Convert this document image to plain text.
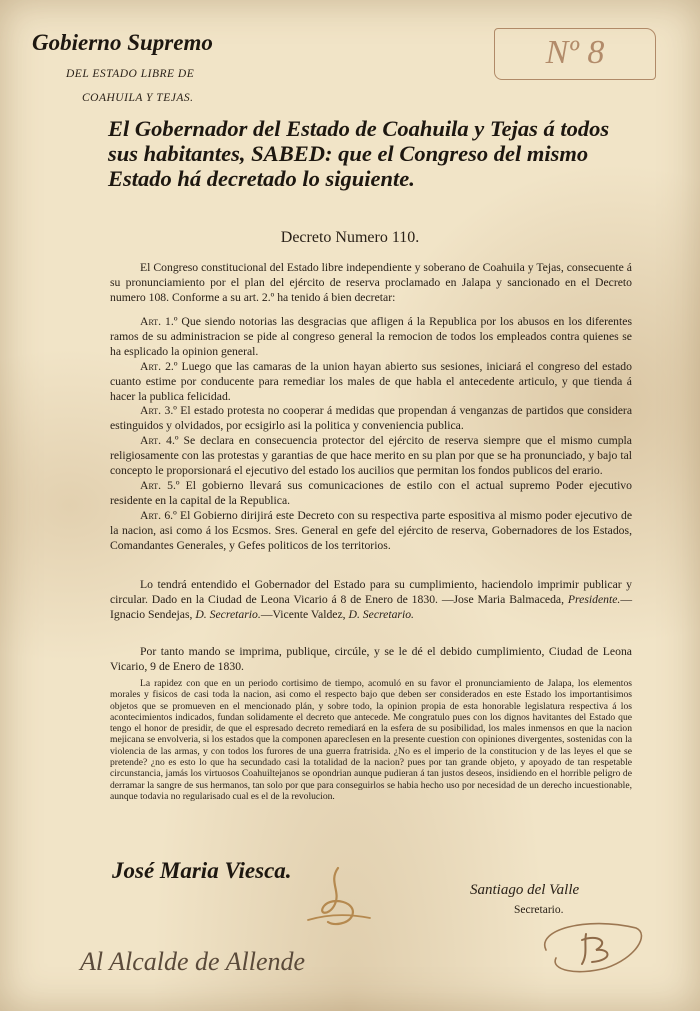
Gobierno Supremo
DEL ESTADO LIBRE DE
COAHUILA Y TEJAS.
Nº 8
El Gobernador del Estado de Coahuila y Tejas á todos sus habitantes, SABED: que el Congreso del mismo Estado há decretado lo siguiente.
Decreto Numero 110.
El Congreso constitucional del Estado libre independiente y soberano de Coahuila y Tejas, consecuente á su pronunciamiento por el plan del ejército de reserva proclamado en Jalapa y sancionado en el Decreto numero 108. Conforme a su art. 2.º ha tenido á bien decretar:

Art. 1.º Que siendo notorias las desgracias que afligen á la Republica por los abusos en los diferentes ramos de su administracion se pide al congreso general la remocion de todos los empleados contra quienes se ha esplicado la opinion general.

Art. 2.º Luego que las camaras de la union hayan abierto sus sesiones, iniciará el congreso del estado cuanto estime por conducente para remediar los males de que habla el antecedente articulo, y que tienda á hacer la publica felicidad.

Art. 3.º El estado protesta no cooperar á medidas que propendan á venganzas de partidos que considera estinguidos y olvidados, por ecsigirlo asi la politica y conveniencia publica.

Art. 4.º Se declara en consecuencia protector del ejército de reserva siempre que el mismo cumpla religiosamente con las protestas y garantias de que hace merito en su plan por que se ha pronunciado, y bajo tal concepto le proporsionará el ejecutivo del estado los aucilios que permitan los fondos publicos del erario.

Art. 5.º El gobierno llevará sus comunicaciones de estilo con el actual supremo Poder ejecutivo residente en la capital de la Republica.

Art. 6.º El Gobierno dirijirá este Decreto con su respectiva parte espositiva al mismo poder ejecutivo de la nacion, asi como á los Ecsmos. Sres. General en gefe del ejército de reserva, Gobernadores de los Estados, Comandantes Generales, y Gefes politicos de los territorios.

Lo tendrá entendido el Gobernador del Estado para su cumplimiento, haciendolo imprimir publicar y circular. Dado en la Ciudad de Leona Vicario á 8 de Enero de 1830. —Jose Maria Balmaceda, Presidente.—Ignacio Sendejas, D. Secretario.—Vicente Valdez, D. Secretario.
Por tanto mando se imprima, publique, circúle, y se le dé el debido cumplimiento, Ciudad de Leona Vicario, 9 de Enero de 1830.
La rapidez con que en un periodo cortisimo de tiempo, acomuló en su favor el pronunciamiento de Jalapa, los elementos morales y fisicos de casi toda la nacion, asi como el respecto bajo que deben ser considerados en este Estado los importantisimos objetos que se promueven en el mencionado plán, y sobre todo, la opinion propia de esta honorable legislatura respectiva á los acontecimientos indicados, fundan solidamente el decreto que antecede. Me congratulo pues con los dignos havitantes del Estado que tengo el honor de presidir, de que el espresado decreto remediará en la esfera de su posibilidad, los males inmensos en que la nacion mejicana se envolveria, si los estados que la componen aparecIesen en la presente cuestion con opiniones divergentes, sostenidas con la violencia de las armas, y con todos los furores de una guerra fratrisida. ¿No es el imperio de la constitucion y de las leyes el que se pretende? ¿no es esto lo que ha secundado casi la totalidad de la nacion? pues por tan grande objeto, y apoyado de tan respetable circunstancia, jamás los virtuosos Coahuiltejanos se opondrian aunque pudieran á tan justos deseos, insidiendo en el horrible peligro de derramar la sangre de sus hermanos, tan solo por que para conseguirlos se habia hecho uso por necesidad de un derecho incuestionable, aunque todavia no regularisado cual es el de la revolucion.
José Maria Viesca.
Santiago del Valle
Secretario.
Al Alcalde de Allende
